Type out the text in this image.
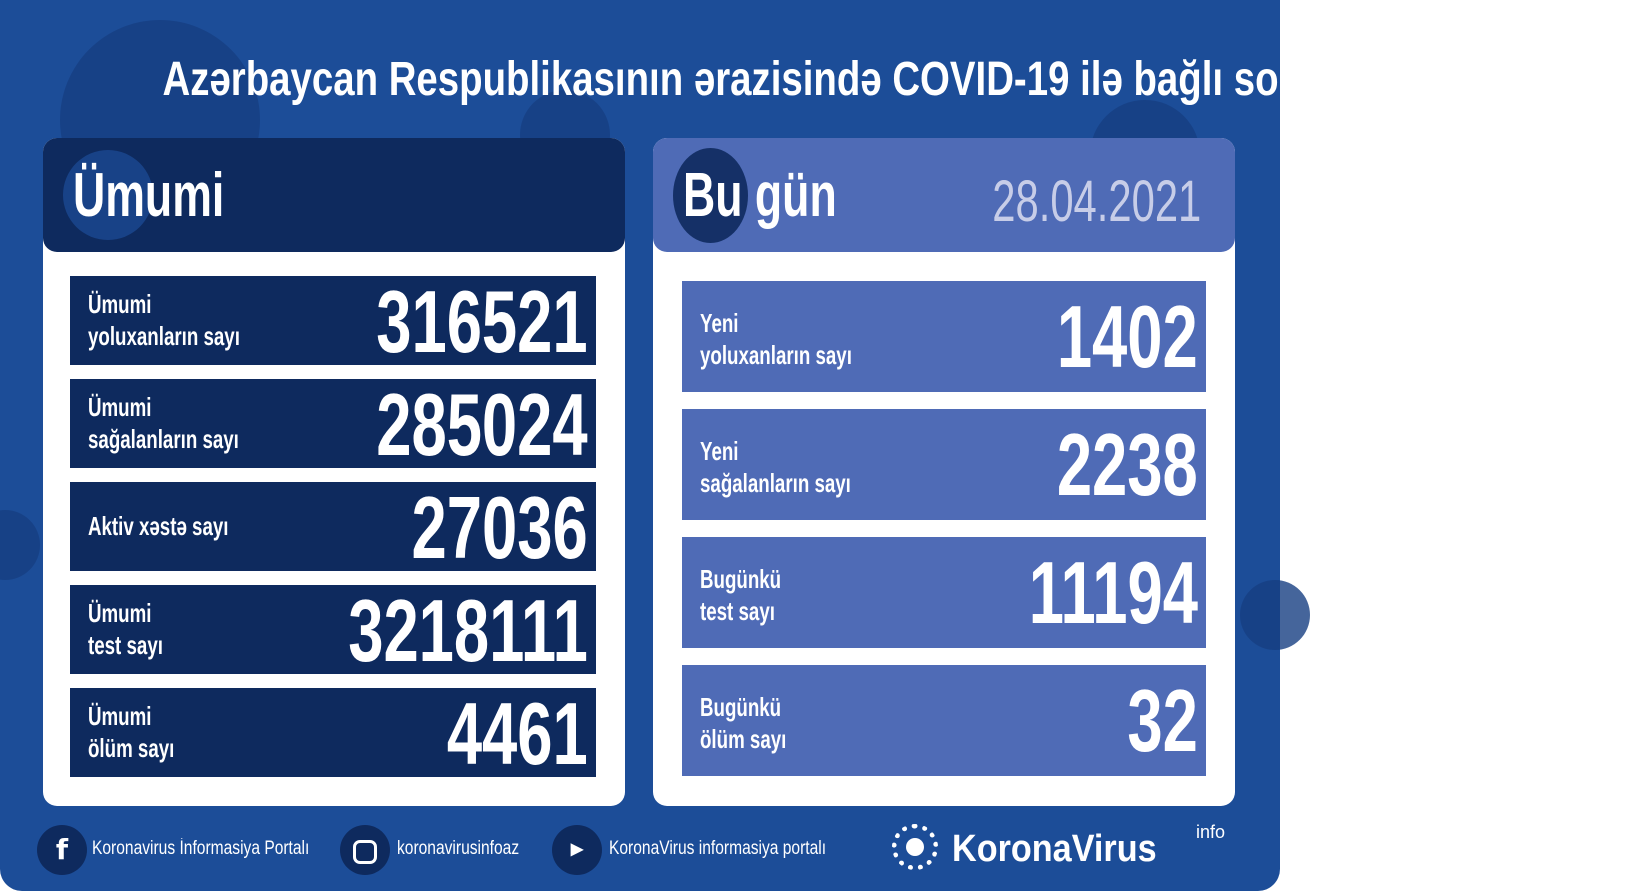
Azərbaycan Respublikasının ərazisində COVID-19 ilə bağlı son vəziyyət
Ümumi
Ümumi
yoluxanların sayı	316521
Ümumi
sağalanların sayı	285024
Aktiv xəstə sayı	27036
Ümumi
test sayı	3218111
Ümumi
ölüm sayı	4461
Bu gün	28.04.2021
Yeni
yoluxanların sayı	1402
Yeni
sağalanların sayı	2238
Bugünkü
test sayı	11194
Bugünkü
ölüm sayı	32
f	Koronavirus İnformasiya Portalı	koronavirusinfoaz	▶	KoronaVirus informasiya portalı	KoronaVirus	info
